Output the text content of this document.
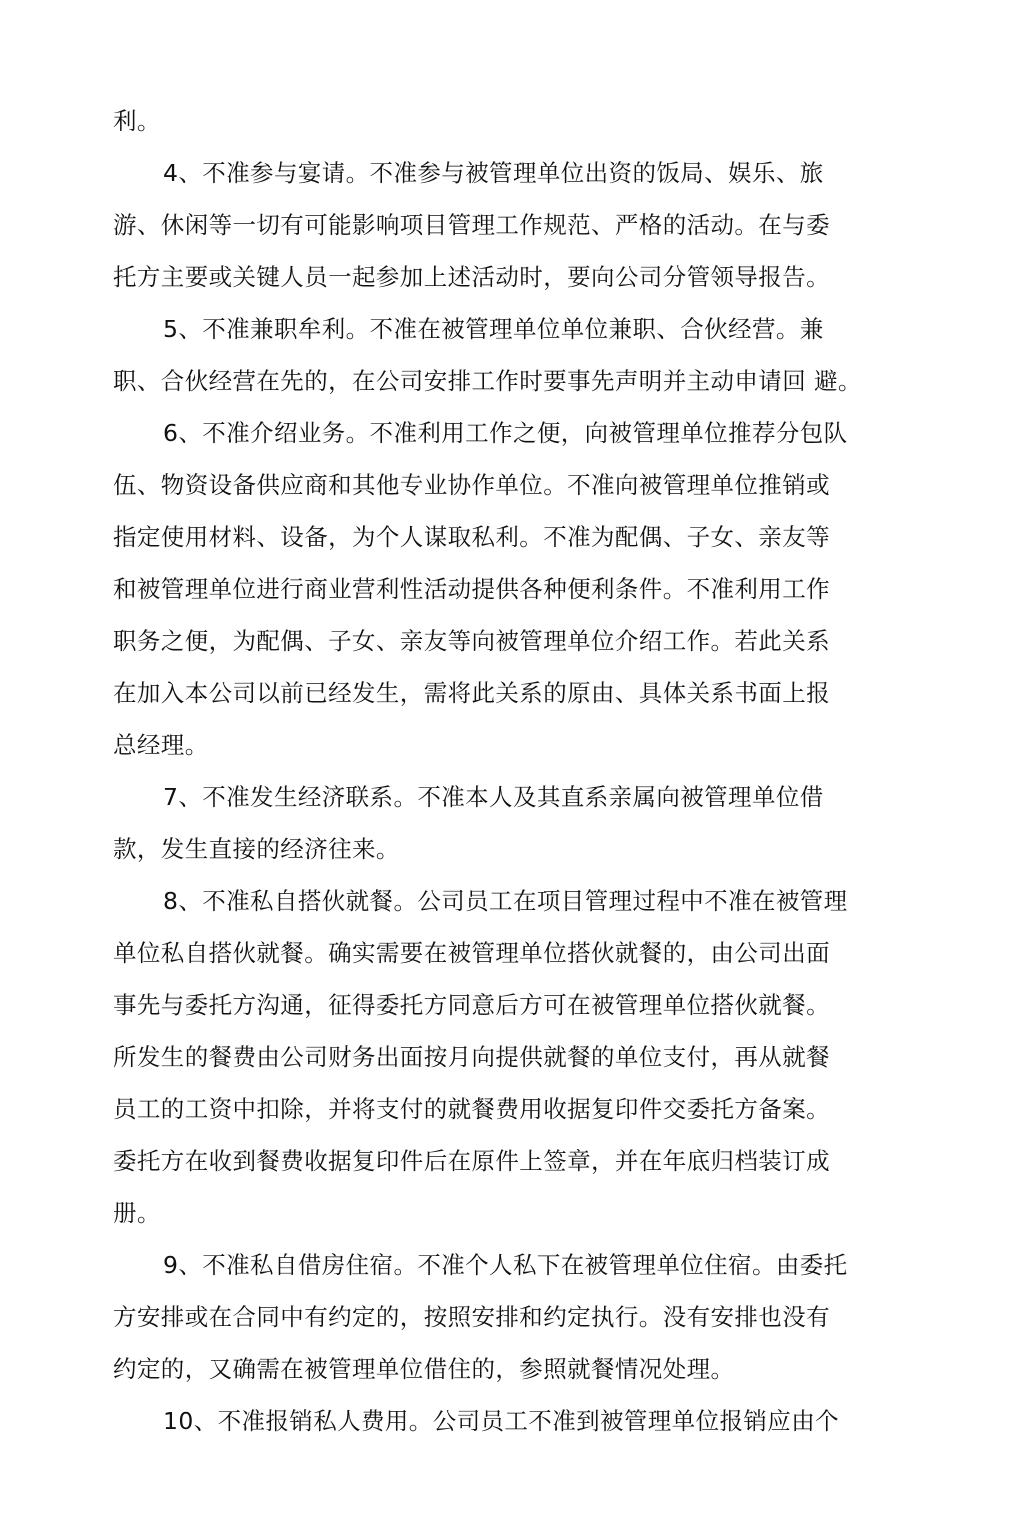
利。
4、不准参与宴请。不准参与被管理单位出资的饭局、娱乐、旅
游、休闲等一切有可能影响项目管理工作规范、严格的活动。在与委
托方主要或关键人员一起参加上述活动时，要向公司分管领导报告。
5、不准兼职牟利。不准在被管理单位单位兼职、合伙经营。兼
职、合伙经营在先的，在公司安排工作时要事先声明并主动申请回 避。
6、不准介绍业务。不准利用工作之便，向被管理单位推荐分包队
伍、物资设备供应商和其他专业协作单位。不准向被管理单位推销或
指定使用材料、设备，为个人谋取私利。不准为配偶、子女、亲友等
和被管理单位进行商业营利性活动提供各种便利条件。不准利用工作
职务之便，为配偶、子女、亲友等向被管理单位介绍工作。若此关系
在加入本公司以前已经发生，需将此关系的原由、具体关系书面上报
总经理。
7、不准发生经济联系。不准本人及其直系亲属向被管理单位借
款，发生直接的经济往来。
8、不准私自搭伙就餐。公司员工在项目管理过程中不准在被管理
单位私自搭伙就餐。确实需要在被管理单位搭伙就餐的，由公司出面
事先与委托方沟通，征得委托方同意后方可在被管理单位搭伙就餐。
所发生的餐费由公司财务出面按月向提供就餐的单位支付，再从就餐
员工的工资中扣除，并将支付的就餐费用收据复印件交委托方备案。
委托方在收到餐费收据复印件后在原件上签章，并在年底归档装订成
册。
9、不准私自借房住宿。不准个人私下在被管理单位住宿。由委托
方安排或在合同中有约定的，按照安排和约定执行。没有安排也没有
约定的，又确需在被管理单位借住的，参照就餐情况处理。
10、不准报销私人费用。公司员工不准到被管理单位报销应由个
